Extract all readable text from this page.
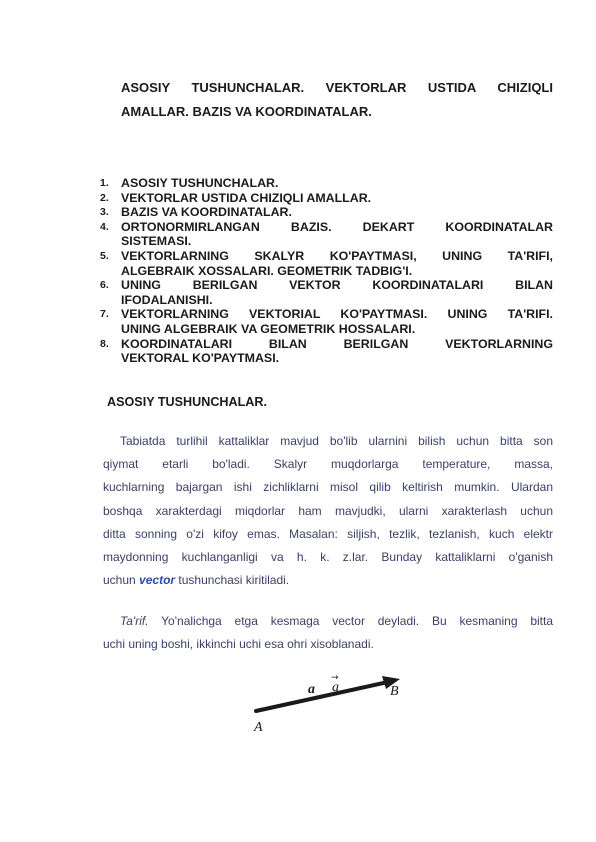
ASOSIY TUSHUNCHALAR. VEKTORLAR USTIDA CHIZIQLI
AMALLAR. BAZIS VA KOORDINATALAR.
1. ASOSIY TUSHUNCHALAR.
2. VEKTORLAR USTIDA CHIZIQLI AMALLAR.
3. BAZIS VA KOORDINATALAR.
4. ORTONORMIRLANGAN BAZIS. DEKART KOORDINATALAR
SISTEMASI.
5. VEKTORLARNING SKALYR KO'PAYTMASI, UNING TA'RIFI,
ALGEBRAIK XOSSALARI. GEOMETRIK TADBIG'I.
6. UNING BERILGAN VEKTOR KOORDINATALARI BILAN
IFODALANISHI.
7. VEKTORLARNING VEKTORIAL KO'PAYTMASI. UNING TA'RIFI.
UNING ALGEBRAIK VA GEOMETRIK HOSSALARI.
8. KOORDINATALARI BILAN BERILGAN VEKTORLARNING
VEKTORAL KO'PAYTMASI.
ASOSIY TUSHUNCHALAR.

Tabiatda turlihil kattaliklar mavjud bo'lib ularnini bilish uchun bitta son
qiymat etarli bo'ladi. Skalyr muqdorlarga temperature, massa,
kuchlarning bajargan ishi zichliklarni misol qilib keltirish mumkin. Ulardan
boshqa xarakterdagi miqdorlar ham mavjudki, ularni xarakterlash uchun
ditta sonning o'zi kifoy emas. Masalan: siljish, tezlik, tezlanish, kuch elektr
maydonning kuchlanganligi va h. k. z.lar. Bunday kattaliklarni o'ganish
uchun vector tushunchasi kiritiladi.

Ta'rif. Yo'nalichga etga kesmaga vector deyladi. Bu kesmaning bitta
uchi uning boshi, ikkinchi uchi esa ohri xisoblanadi.

A
B
a
→
a
